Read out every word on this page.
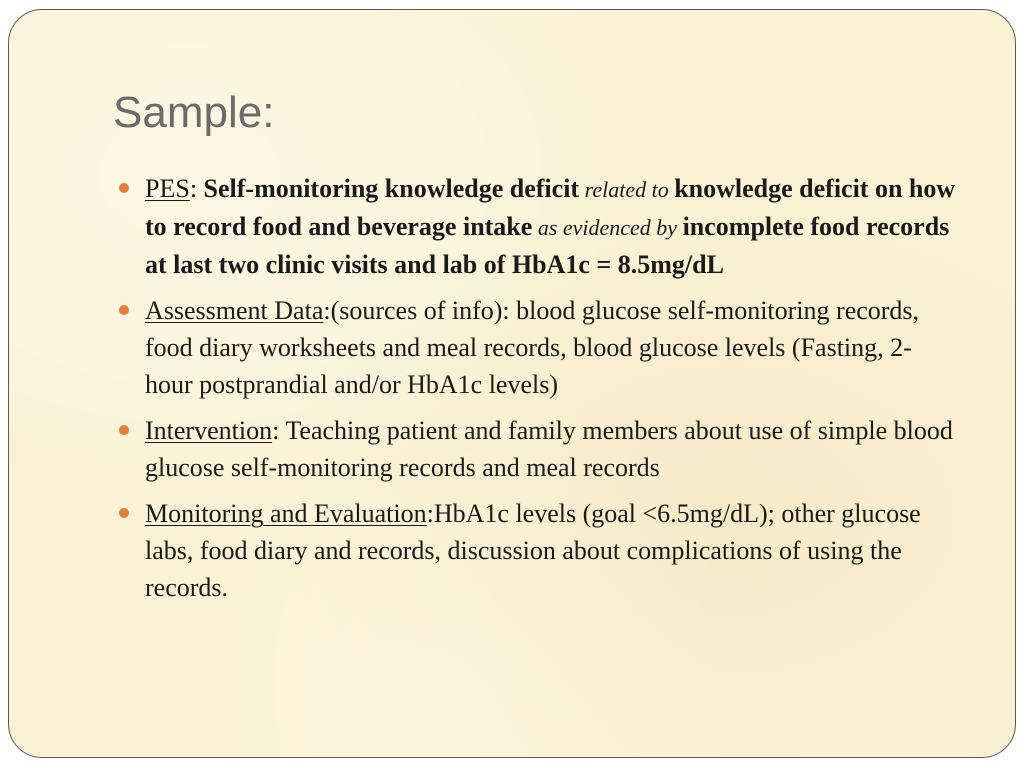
Sample:
PES: Self-monitoring knowledge deficit related to knowledge deficit on how to record food and beverage intake as evidenced by incomplete food records at last two clinic visits and lab of HbA1c = 8.5mg/dL
Assessment Data:(sources of info): blood glucose self-monitoring records, food diary worksheets and meal records, blood glucose levels (Fasting, 2-hour postprandial and/or HbA1c levels)
Intervention: Teaching patient and family members about use of simple blood glucose self-monitoring records and meal records
Monitoring and Evaluation:HbA1c levels (goal <6.5mg/dL); other glucose labs, food diary and records, discussion about complications of using the records.
